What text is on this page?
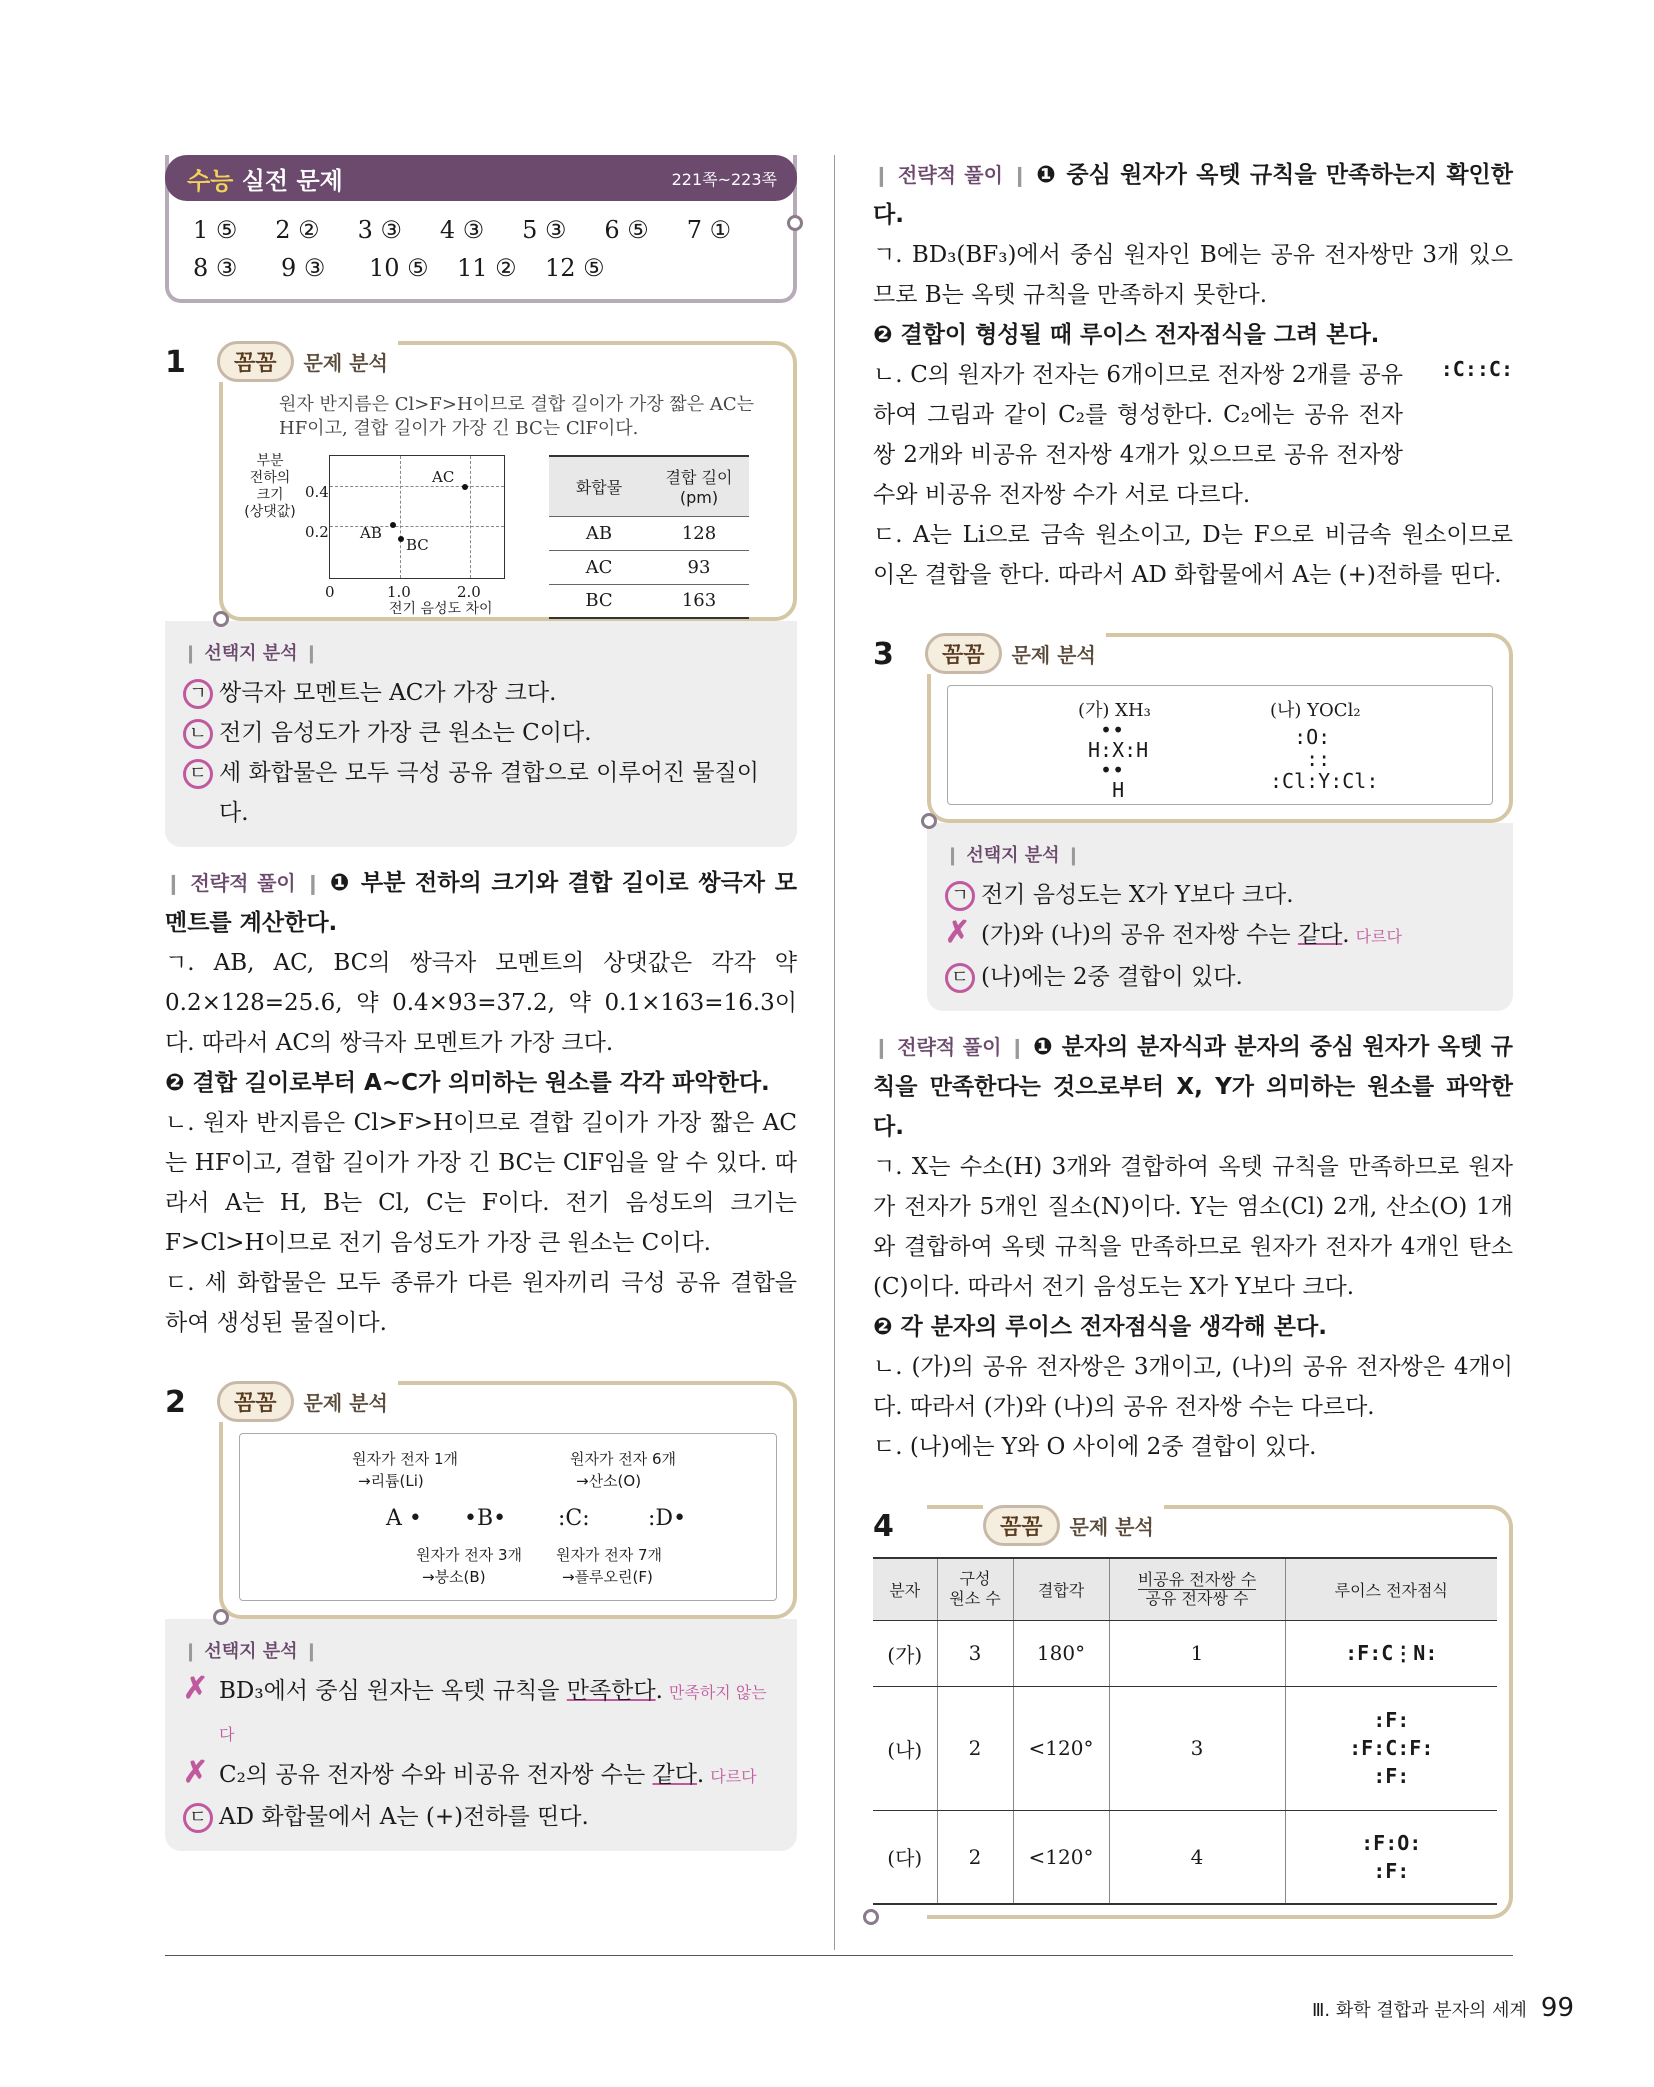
수능 실전 문제	221쪽~223쪽
1 ⑤	2 ②	3 ③	4 ③	5 ③	6 ⑤	7 ①
8 ③	9 ③	10 ⑤	11 ②	12 ⑤
1	꼼꼼	문제 분석
원자 반지름은 Cl>F>H이므로 결합 길이가 가장 짧은 AC는
HF이고, 결합 길이가 가장 긴 BC는 ClF이다.
부분
전하의
크기
(상댓값)
0.4
0.2
AC
AB
BC
0	1.0	2.0
전기 음성도 차이
화합물	결합 길이
(pm)
AB	128
AC	93
BC	163
❙ 선택지 분석 ❙
ㄱ 쌍극자 모멘트는 AC가 가장 크다.
ㄴ 전기 음성도가 가장 큰 원소는 C이다.
ㄷ 세 화합물은 모두 극성 공유 결합으로 이루어진 물질이다.
❙ 전략적 풀이 ❙ ❶ 부분 전하의 크기와 결합 길이로 쌍극자 모멘트를 계산한다.
ㄱ. AB, AC, BC의 쌍극자 모멘트의 상댓값은 각각 약 0.2×128=25.6, 약 0.4×93=37.2, 약 0.1×163=16.3이다. 따라서 AC의 쌍극자 모멘트가 가장 크다.
❷ 결합 길이로부터 A~C가 의미하는 원소를 각각 파악한다.
ㄴ. 원자 반지름은 Cl>F>H이므로 결합 길이가 가장 짧은 AC는 HF이고, 결합 길이가 가장 긴 BC는 ClF임을 알 수 있다. 따라서 A는 H, B는 Cl, C는 F이다. 전기 음성도의 크기는 F>Cl>H이므로 전기 음성도가 가장 큰 원소는 C이다.
ㄷ. 세 화합물은 모두 종류가 다른 원자끼리 극성 공유 결합을 하여 생성된 물질이다.
2	꼼꼼	문제 분석
원자가 전자 1개
→리튬(Li)
원자가 전자 6개
→산소(O)
A • •B• :C:	:D•
원자가 전자 3개
→붕소(B)
원자가 전자 7개
→플루오린(F)
❙ 선택지 분석 ❙
✗ BD₃에서 중심 원자는 옥텟 규칙을 만족한다. 만족하지 않는다
✗ C₂의 공유 전자쌍 수와 비공유 전자쌍 수는 같다. 다르다
ㄷ AD 화합물에서 A는 (+)전하를 띤다.
❙ 전략적 풀이 ❙ ❶ 중심 원자가 옥텟 규칙을 만족하는지 확인한다.
ㄱ. BD₃(BF₃)에서 중심 원자인 B에는 공유 전자쌍만 3개 있으므로 B는 옥텟 규칙을 만족하지 못한다.
❷ 결합이 형성될 때 루이스 전자점식을 그려 본다.
ㄴ. C의 원자가 전자는 6개이므로 전자쌍 2개를 공유하여 그림과 같이 C₂를 형성한다. C₂에는 공유 전자쌍 2개와 비공유 전자쌍 4개가 있으므로 공유 전자쌍 수와 비공유 전자쌍 수가 서로 다르다.
:C::C:
ㄷ. A는 Li으로 금속 원소이고, D는 F으로 비금속 원소이므로 이온 결합을 한다. 따라서 AD 화합물에서 A는 (+)전하를 띤다.
3	꼼꼼	문제 분석
(가) XH₃	(나) YOCl₂
••
H:X:H
••
H
:O:
::
:Cl:Y:Cl:
❙ 선택지 분석 ❙
ㄱ 전기 음성도는 X가 Y보다 크다.
✗ (가)와 (나)의 공유 전자쌍 수는 같다. 다르다
ㄷ (나)에는 2중 결합이 있다.
❙ 전략적 풀이 ❙ ❶ 분자의 분자식과 분자의 중심 원자가 옥텟 규칙을 만족한다는 것으로부터 X, Y가 의미하는 원소를 파악한다.
ㄱ. X는 수소(H) 3개와 결합하여 옥텟 규칙을 만족하므로 원자가 전자가 5개인 질소(N)이다. Y는 염소(Cl) 2개, 산소(O) 1개와 결합하여 옥텟 규칙을 만족하므로 원자가 전자가 4개인 탄소(C)이다. 따라서 전기 음성도는 X가 Y보다 크다.
❷ 각 분자의 루이스 전자점식을 생각해 본다.
ㄴ. (가)의 공유 전자쌍은 3개이고, (나)의 공유 전자쌍은 4개이다. 따라서 (가)와 (나)의 공유 전자쌍 수는 다르다.
ㄷ. (나)에는 Y와 O 사이에 2중 결합이 있다.
4	꼼꼼	문제 분석
분자	구성
원소 수	결합각	$\frac{\text{비공유 전자쌍 수}}{\text{공유 전자쌍 수}}$	루이스 전자점식
(가)	3	180°	1	:F:C⋮N:
(나)	2	<120°	3	:F:
:F:C:F:
:F:
(다)	2	<120°	4	:F:O:
:F:
Ⅲ. 화학 결합과 분자의 세계 99
